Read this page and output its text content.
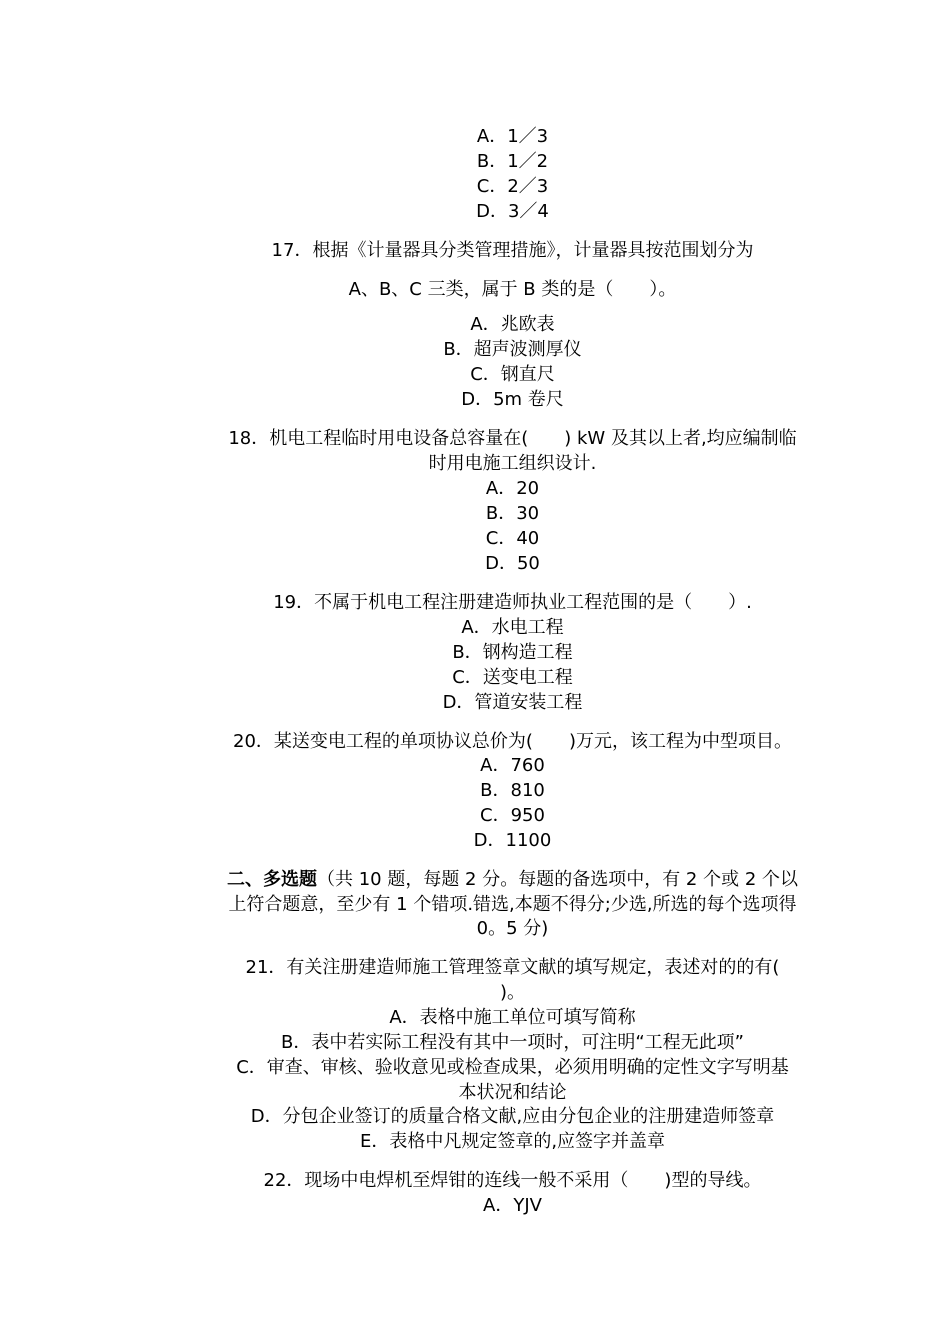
A．1／3
B．1／2
C．2／3
D．3／4
17．根据《计量器具分类管理措施》，计量器具按范围划分为
A、B、C 三类，属于 B 类的是（　　）。
A．兆欧表
B．超声波测厚仪
C．钢直尺
D．5m 卷尺
18．机电工程临时用电设备总容量在(　　) kW 及其以上者,均应编制临
时用电施工组织设计.
A．20
B．30
C．40
D．50
19．不属于机电工程注册建造师执业工程范围的是（　　）.
A．水电工程
B．钢构造工程
C．送变电工程
D．管道安装工程
20．某送变电工程的单项协议总价为(　　)万元，该工程为中型项目。
A．760
B．810
C．950
D．1100
二、多选题（共 10 题，每题 2 分。每题的备选项中，有 2 个或 2 个以
上符合题意，至少有 1 个错项.错选,本题不得分;少选,所选的每个选项得
0。5 分)
21．有关注册建造师施工管理签章文献的填写规定，表述对的的有(
)。
A．表格中施工单位可填写简称
B．表中若实际工程没有其中一项时，可注明“工程无此项”
C．审查、审核、验收意见或检查成果，必须用明确的定性文字写明基
本状况和结论
D．分包企业签订的质量合格文献,应由分包企业的注册建造师签章
E．表格中凡规定签章的,应签字并盖章
22．现场中电焊机至焊钳的连线一般不采用（　　)型的导线。
A．YJV
